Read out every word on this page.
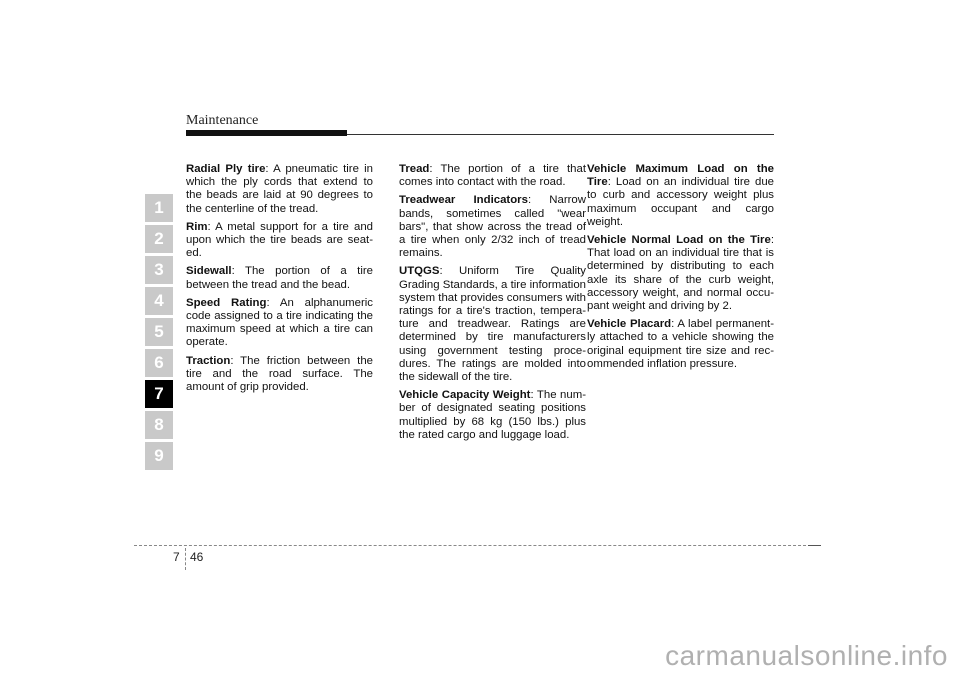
Maintenance
1
2
3
4
5
6
7
8
9

Radial Ply tire: A pneumatic tire in which the ply cords that extend to the beads are laid at 90 degrees to the centerline of the tread.

Rim: A metal support for a tire and upon which the tire beads are seat- ed.

Sidewall: The portion of a tire between the tread and the bead.

Speed Rating: An alphanumeric code assigned to a tire indicating the maximum speed at which a tire can operate.

Traction: The friction between the tire and the road surface. The amount of grip provided.

Tread: The portion of a tire that comes into contact with the road.

Treadwear Indicators: Narrow bands, sometimes called "wear bars", that show across the tread of a tire when only 2/32 inch of tread remains.

UTQGS: Uniform Tire Quality Grading Standards, a tire information system that provides consumers with ratings for a tire's traction, tempera- ture and treadwear. Ratings are determined by tire manufacturers using government testing proce- dures. The ratings are molded into the sidewall of the tire.

Vehicle Capacity Weight: The num- ber of designated seating positions multiplied by 68 kg (150 lbs.) plus the rated cargo and luggage load.

Vehicle Maximum Load on the Tire: Load on an individual tire due to curb and accessory weight plus maximum occupant and cargo weight.

Vehicle Normal Load on the Tire: That load on an individual tire that is determined by distributing to each axle its share of the curb weight, accessory weight, and normal occu- pant weight and driving by 2.

Vehicle Placard: A label permanent- ly attached to a vehicle showing the original equipment tire size and rec- ommended inflation pressure.

7 46
carmanualsonline.info
